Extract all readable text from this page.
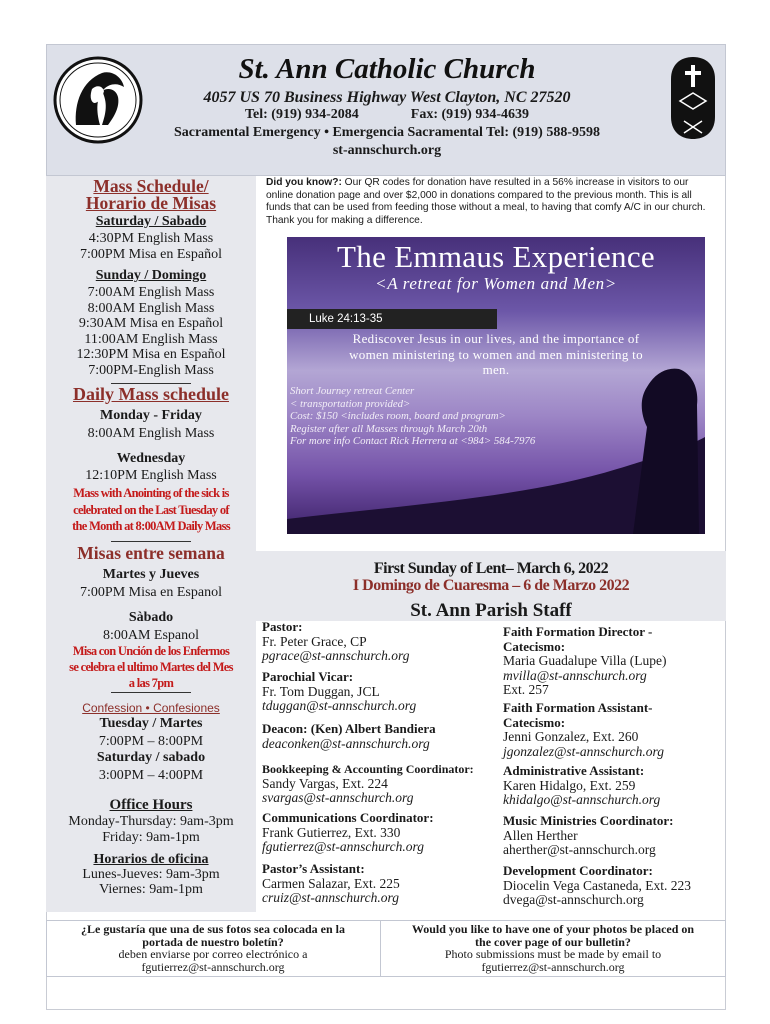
St. Ann Catholic Church
4057 US 70 Business Highway West Clayton, NC 27520
Tel: (919) 934-2084	Fax: (919) 934-4639
Sacramental Emergency • Emergencia Sacramental Tel: (919) 588-9598
st-annschurch.org
Mass Schedule/
Horario de Misas
Saturday / Sabado
4:30PM English Mass
7:00PM Misa en Español
Sunday / Domingo
7:00AM English Mass
8:00AM English Mass
9:30AM Misa en Español
11:00AM English Mass
12:30PM Misa en Español
7:00PM-English Mass
Daily Mass schedule
Monday - Friday
8:00AM English Mass
Wednesday
12:10PM English Mass
Mass with Anointing of the sick is
celebrated on the Last Tuesday of
the Month at 8:00AM Daily Mass
Misas entre semana
Martes y Jueves
7:00PM Misa en Espanol
Sàbado
8:00AM Espanol
Misa con Unción de los Enfermos
se celebra el ultimo Martes del Mes
a las 7pm
Confession • Confesiones
Tuesday / Martes
7:00PM – 8:00PM
Saturday / sabado
3:00PM – 4:00PM
Office Hours
Monday-Thursday: 9am-3pm
Friday: 9am-1pm
Horarios de oficina
Lunes-Jueves: 9am-3pm
Viernes: 9am-1pm
Did you know?: Our QR codes for donation have resulted in a 56% increase in visitors to our online donation page and over $2,000 in donations compared to the previous month. This is all funds that can be used from feeding those without a meal, to having that comfy A/C in our church. Thank you for making a difference.
The Emmaus Experience
<A retreat for Women and Men>
Luke 24:13-35
Rediscover Jesus in our lives, and the importance of
women ministering to women and men ministering to
men.
Short Journey retreat Center
< transportation provided>
Cost: $150 <includes room, board and program>
Register after all Masses through March 20th
For more info Contact Rick Herrera at <984> 584-7976
First Sunday of Lent– March 6, 2022
I Domingo de Cuaresma – 6 de Marzo 2022
St. Ann Parish Staff
Pastor:
Fr. Peter Grace, CP
pgrace@st-annschurch.org
Parochial Vicar:
Fr. Tom Duggan, JCL
tduggan@st-annschurch.org
Deacon: (Ken) Albert Bandiera
deaconken@st-annschurch.org
Bookkeeping & Accounting Coordinator:
Sandy Vargas, Ext. 224
svargas@st-annschurch.org
Communications Coordinator:
Frank Gutierrez, Ext. 330
fgutierrez@st-annschurch.org
Pastor’s Assistant:
Carmen Salazar, Ext. 225
cruiz@st-annschurch.org
Faith Formation Director -
Catecismo:
Maria Guadalupe Villa (Lupe)
mvilla@st-annschurch.org
Ext. 257
Faith Formation Assistant-
Catecismo:
Jenni Gonzalez, Ext. 260
jgonzalez@st-annschurch.org
Administrative Assistant:
Karen Hidalgo, Ext. 259
khidalgo@st-annschurch.org
Music Ministries Coordinator:
Allen Herther
aherther@st-annschurch.org
Development Coordinator:
Diocelin Vega Castaneda, Ext. 223
dvega@st-annschurch.org
¿Le gustaría que una de sus fotos sea colocada en la
portada de nuestro boletín?
deben enviarse por correo electrónico a
fgutierrez@st-annschurch.org
Would you like to have one of your photos be placed on
the cover page of our bulletin?
Photo submissions must be made by email to
fgutierrez@st-annschurch.org
